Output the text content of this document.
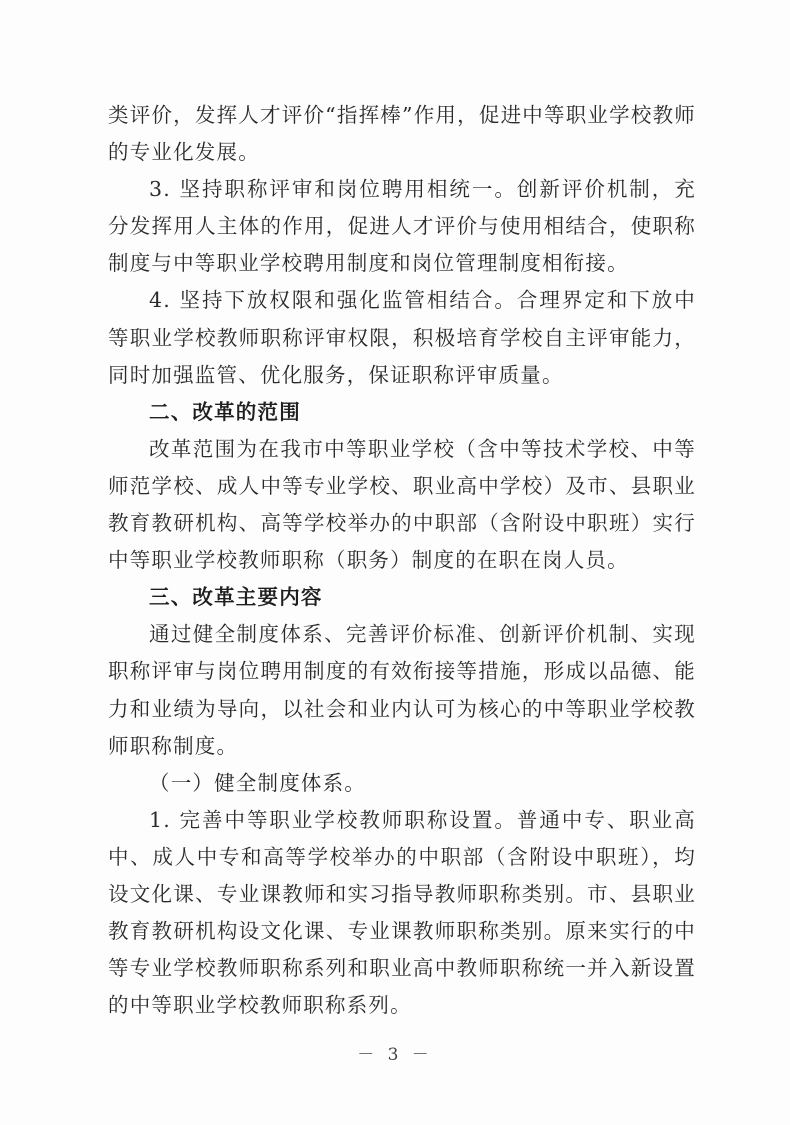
类评价，发挥人才评价“指挥棒”作用，促进中等职业学校教师的专业化发展。

3. 坚持职称评审和岗位聘用相统一。创新评价机制，充分发挥用人主体的作用，促进人才评价与使用相结合，使职称制度与中等职业学校聘用制度和岗位管理制度相衔接。

4. 坚持下放权限和强化监管相结合。合理界定和下放中等职业学校教师职称评审权限，积极培育学校自主评审能力，同时加强监管、优化服务，保证职称评审质量。

二、改革的范围

改革范围为在我市中等职业学校（含中等技术学校、中等师范学校、成人中等专业学校、职业高中学校）及市、县职业教育教研机构、高等学校举办的中职部（含附设中职班）实行中等职业学校教师职称（职务）制度的在职在岗人员。

三、改革主要内容

通过健全制度体系、完善评价标准、创新评价机制、实现职称评审与岗位聘用制度的有效衔接等措施，形成以品德、能力和业绩为导向，以社会和业内认可为核心的中等职业学校教师职称制度。

（一）健全制度体系。

1. 完善中等职业学校教师职称设置。普通中专、职业高中、成人中专和高等学校举办的中职部（含附设中职班），均设文化课、专业课教师和实习指导教师职称类别。市、县职业教育教研机构设文化课、专业课教师职称类别。原来实行的中等专业学校教师职称系列和职业高中教师职称统一并入新设置的中等职业学校教师职称系列。

－ 3 －
